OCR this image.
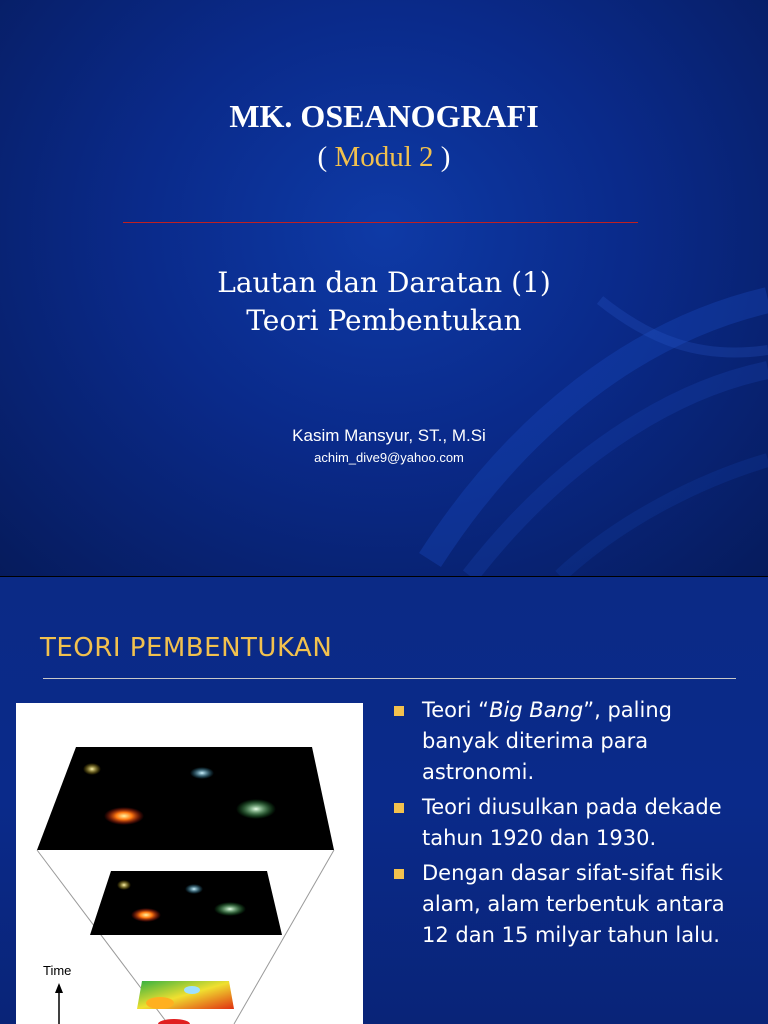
MK. OSEANOGRAFI
( Modul 2 )
Lautan dan Daratan (1)
Teori Pembentukan
Kasim Mansyur, ST., M.Si
achim_dive9@yahoo.com
TEORI PEMBENTUKAN
Time
Teori “Big Bang”, paling banyak diterima para astronomi.
Teori diusulkan pada dekade tahun 1920 dan 1930.
Dengan dasar sifat-sifat fisik alam, alam terbentuk antara 12 dan 15 milyar tahun lalu.
